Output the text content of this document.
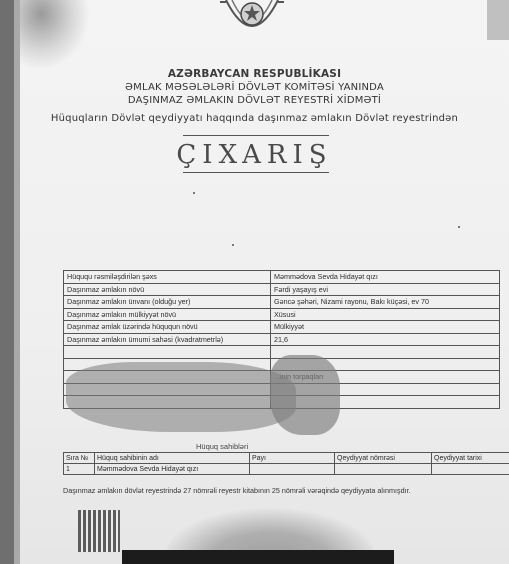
AZƏRBAYCAN RESPUBLİKASI
ƏMLAK MƏSƏLƏLƏRİ DÖVLƏT KOMİTƏSİ YANINDA
DAŞINMAZ ƏMLAKIN DÖVLƏT REYESTRİ XİDMƏTİ
Hüquqların Dövlət qeydiyyatı haqqında daşınmaz əmlakın Dövlət reyestrindən
ÇIXARIŞ
Hüququ rəsmiləşdirilən şəxs	Məmmədova Sevda Hidayət qızı
Daşınmaz əmlakın növü	Fərdi yaşayış evi
Daşınmaz əmlakın ünvanı (olduğu yer)	Gəncə şəhəri, Nizami rayonu, Bakı küçəsi, ev 70
Daşınmaz əmlakın mülkiyyət növü	Xüsusi
Daşınmaz əmlak üzərində hüququn növü	Mülkiyyət
Daşınmaz əmlakın ümumi sahəsi (kvadratmetrlə)	21,6

Hüquq sahibləri
Sıra №	Hüquq sahibinin adı	Payı	Qeydiyyat nömrəsi	Qeydiyyat tarixi
1	Məmmədova Sevda Hidayət qızı			
Daşınmaz əmlakın dövlət reyestrində 27 nömrəli reyestr kitabının 25 nömrəli vərəqində qeydiyyata alınmışdır.
